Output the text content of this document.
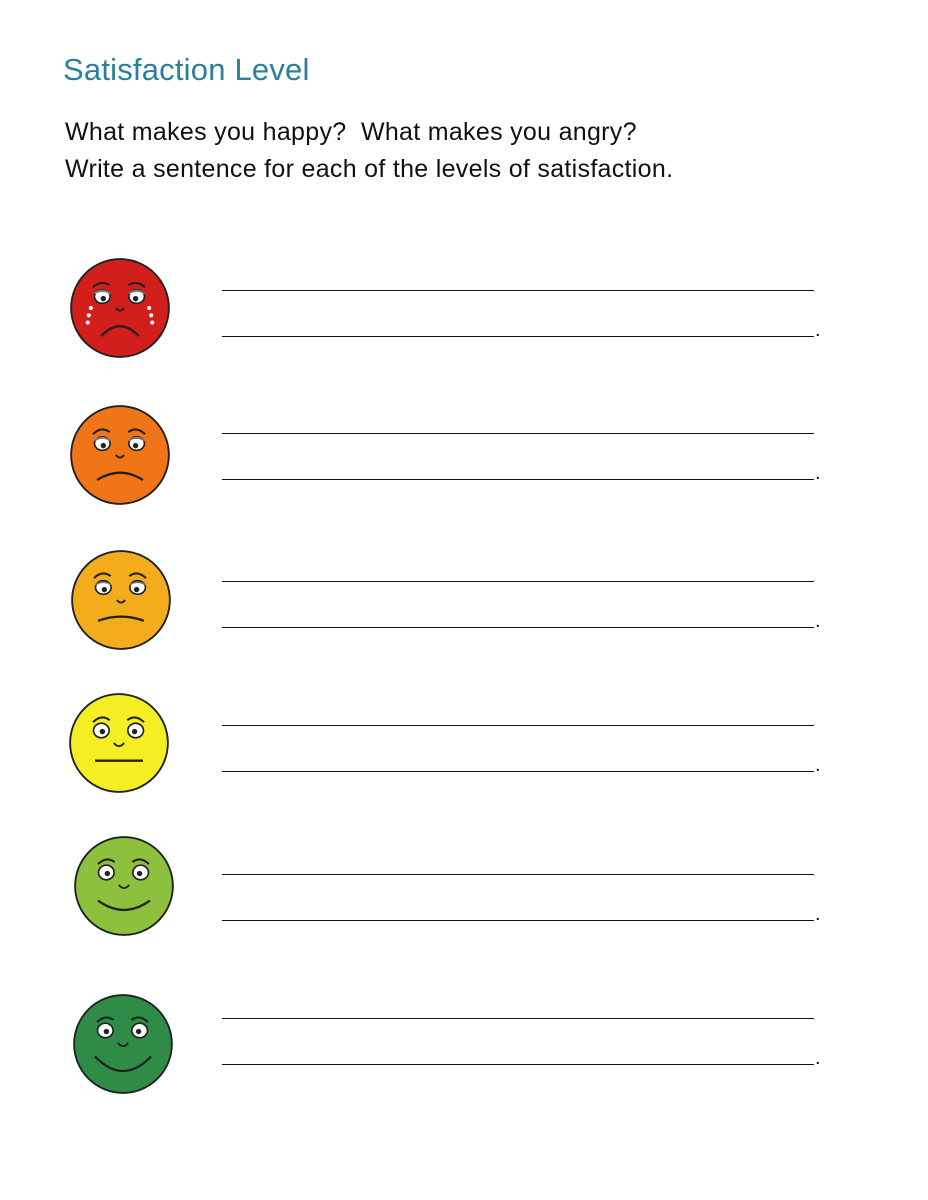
Satisfaction Level
What makes you happy?  What makes you angry?
Write a sentence for each of the levels of satisfaction.
.
.
.
.
.
.
